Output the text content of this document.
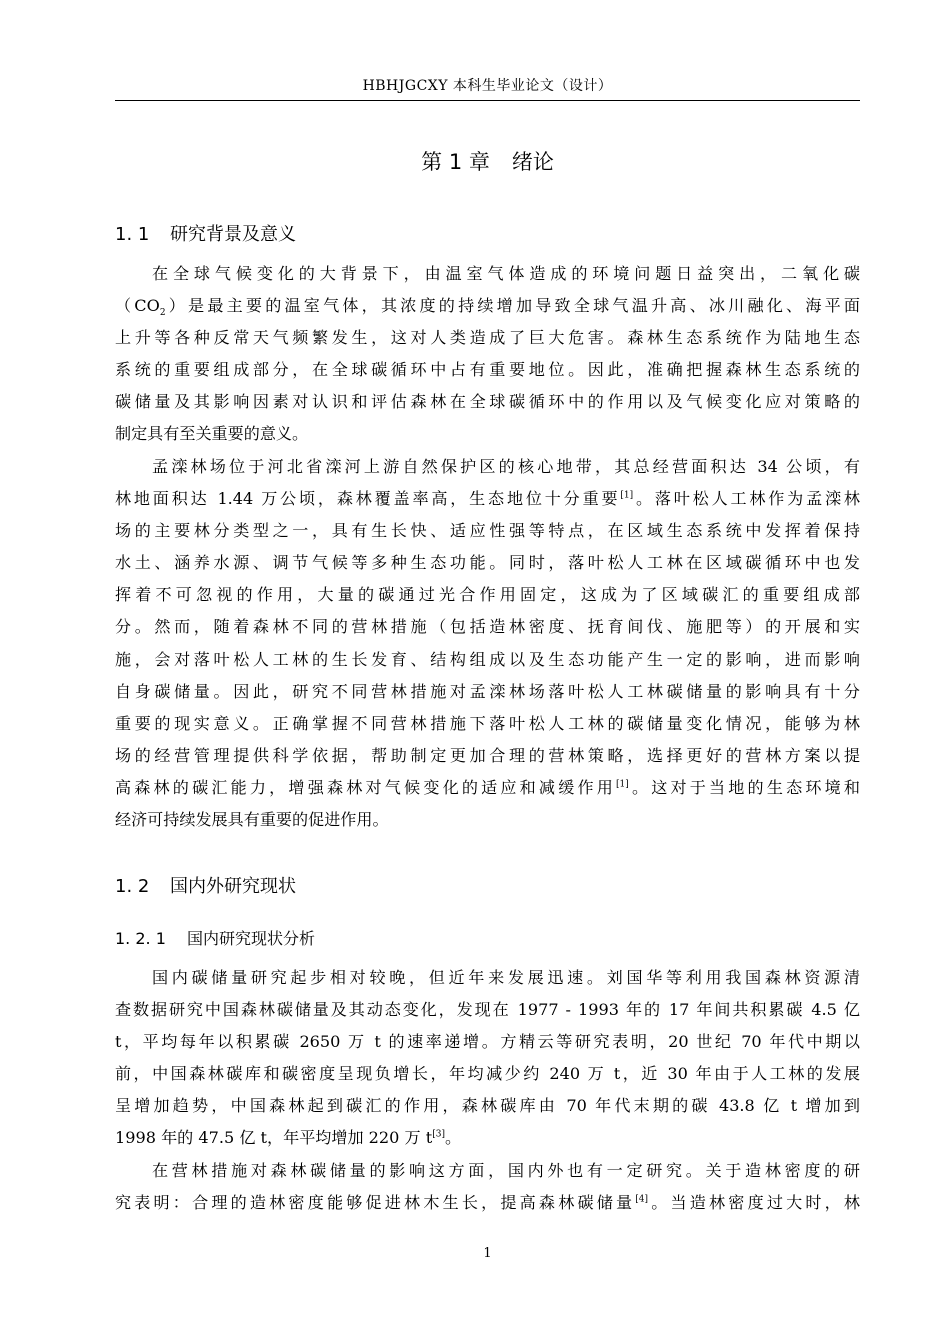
HBHJGCXY 本科生毕业论文（设计）
第 1 章 绪论
1. 1 研究背景及意义
在全球气候变化的大背景下，由温室气体造成的环境问题日益突出，二氧化碳
$(CO_2)$是最主要的温室气体，其浓度的持续增加导致全球气温升高、冰川融化、海平面
上升等各种反常天气频繁发生，这对人类造成了巨大危害。森林生态系统作为陆地生态
系统的重要组成部分，在全球碳循环中占有重要地位。因此，准确把握森林生态系统的
碳储量及其影响因素对认识和评估森林在全球碳循环中的作用以及气候变化应对策略的
制定具有至关重要的意义。
孟滦林场位于河北省滦河上游自然保护区的核心地带，其总经营面积达 34 公顷，有
林地面积达 1.44 万公顷，森林覆盖率高，生态地位十分重要[1]。落叶松人工林作为孟滦林
场的主要林分类型之一，具有生长快、适应性强等特点，在区域生态系统中发挥着保持
水土、涵养水源、调节气候等多种生态功能。同时，落叶松人工林在区域碳循环中也发
挥着不可忽视的作用，大量的碳通过光合作用固定，这成为了区域碳汇的重要组成部
分。然而，随着森林不同的营林措施（包括造林密度、抚育间伐、施肥等）的开展和实
施，会对落叶松人工林的生长发育、结构组成以及生态功能产生一定的影响，进而影响
自身碳储量。因此，研究不同营林措施对孟滦林场落叶松人工林碳储量的影响具有十分
重要的现实意义。正确掌握不同营林措施下落叶松人工林的碳储量变化情况，能够为林
场的经营管理提供科学依据，帮助制定更加合理的营林策略，选择更好的营林方案以提
高森林的碳汇能力，增强森林对气候变化的适应和减缓作用[1]。这对于当地的生态环境和
经济可持续发展具有重要的促进作用。
1. 2 国内外研究现状
1. 2. 1 国内研究现状分析
国内碳储量研究起步相对较晚，但近年来发展迅速。刘国华等利用我国森林资源清
查数据研究中国森林碳储量及其动态变化，发现在 1977 - 1993 年的 17 年间共积累碳 4.5 亿
t，平均每年以积累碳 2650 万 t 的速率递增。方精云等研究表明，20 世纪 70 年代中期以
前，中国森林碳库和碳密度呈现负增长，年均减少约 240 万 t，近 30 年由于人工林的发展
呈增加趋势，中国森林起到碳汇的作用，森林碳库由 70 年代末期的碳 43.8 亿 t 增加到
1998 年的 47.5 亿 t，年平均增加 220 万 t[3]。
在营林措施对森林碳储量的影响这方面，国内外也有一定研究。关于造林密度的研
究表明：合理的造林密度能够促进林木生长，提高森林碳储量[4]。当造林密度过大时，林
1
